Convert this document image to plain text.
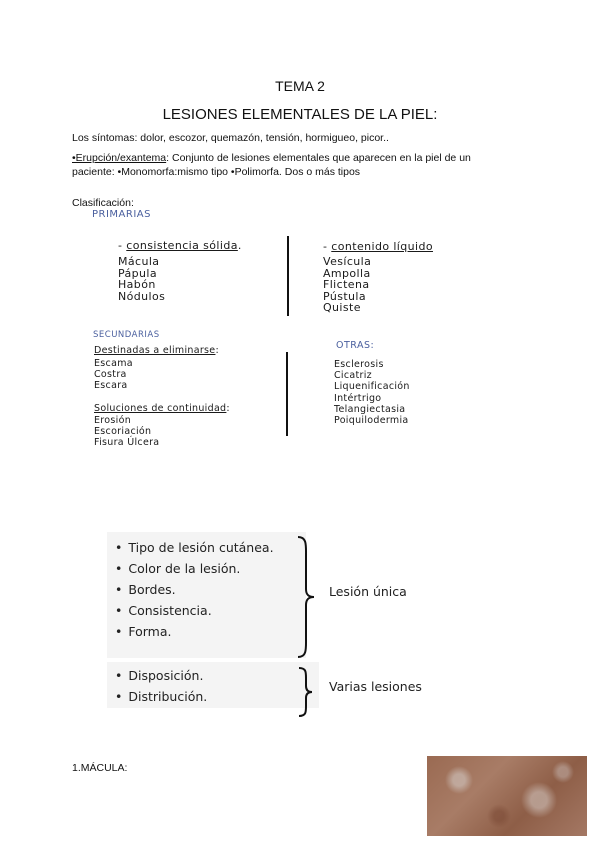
TEMA 2
LESIONES ELEMENTALES DE LA PIEL:
Los síntomas: dolor, escozor, quemazón, tensión, hormigueo, picor..
•Erupción/exantema: Conjunto de lesiones elementales que aparecen en la piel de un
paciente: •Monomorfa:mismo tipo •Polimorfa. Dos o más tipos
Clasificación:
PRIMARIAS
- consistencia sólida.
Mácula
Pápula
Habón
Nódulos
- contenido líquido
Vesícula
Ampolla
Flictena
Pústula
Quiste
SECUNDARIAS
Destinadas a eliminarse:
Escama
Costra
Escara
Soluciones de continuidad:
Erosión
Escoriación
Fisura Úlcera
OTRAS:
Esclerosis
Cicatriz
Liquenificación
Intértrigo
Telangiectasia
Poiquilodermia
• Tipo de lesión cutánea.
• Color de la lesión.
• Bordes.
• Consistencia.
• Forma.
Lesión única
• Disposición.
• Distribución.
Varias lesiones
1.MÁCULA:
